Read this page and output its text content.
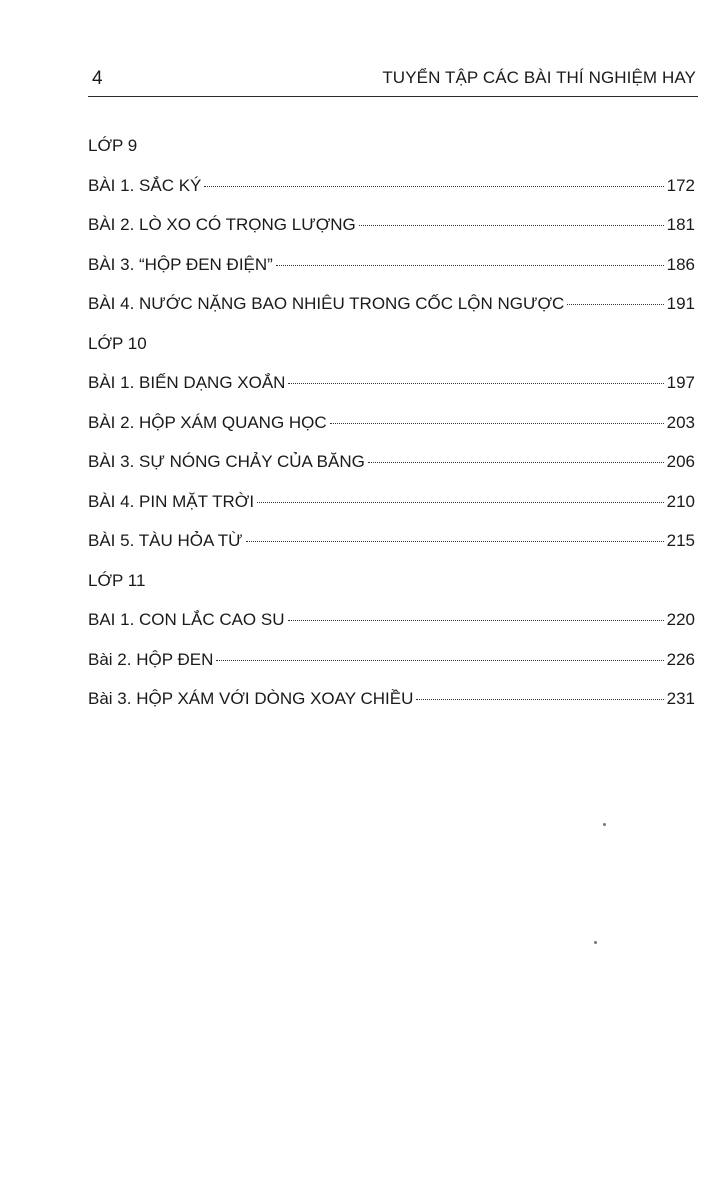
4	TUYỂN TẬP CÁC BÀI THÍ NGHIỆM HAY
LỚP 9
BÀI 1. SẮC KÝ	172
BÀI 2. LÒ XO CÓ TRỌNG LƯỢNG	181
BÀI 3. “HỘP ĐEN ĐIỆN”	186
BÀI 4. NƯỚC NẶNG BAO NHIÊU TRONG CỐC LỘN NGƯỢC	191
LỚP 10
BÀI 1. BIẾN DẠNG XOẮN	197
BÀI 2. HỘP XÁM QUANG HỌC	203
BÀI 3. SỰ NÓNG CHẢY CỦA BĂNG	206
BÀI 4. PIN MẶT TRỜI	210
BÀI 5. TÀU HỎA TỪ	215
LỚP 11
BAI 1. CON LẮC CAO SU	220
Bài 2. HỘP ĐEN	226
Bài 3. HỘP XÁM VỚI DÒNG XOAY CHIỀU	231
